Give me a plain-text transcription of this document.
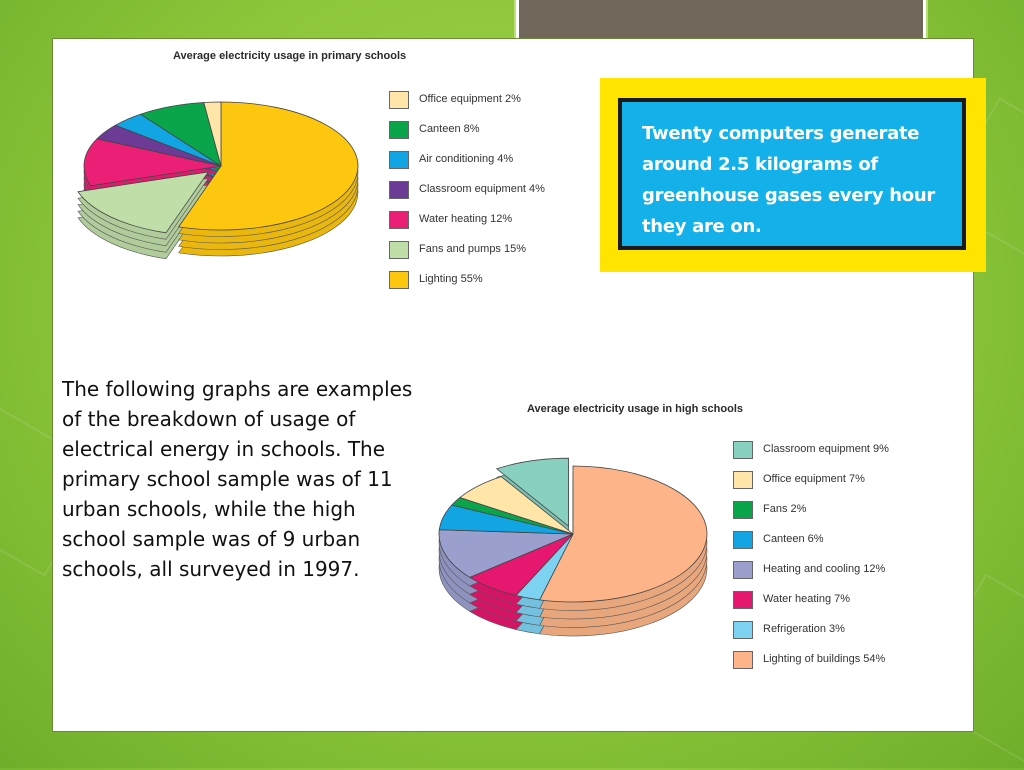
Average electricity usage in primary schools
Office equipment 2%
Canteen 8%
Air conditioning 4%
Classroom equipment 4%
Water heating 12%
Fans and pumps 15%
Lighting 55%
Average electricity usage in high schools
Classroom equipment 9%
Office equipment 7%
Fans 2%
Canteen 6%
Heating and cooling 12%
Water heating 7%
Refrigeration 3%
Lighting of buildings 54%
The following graphs are examples of the breakdown of usage of electrical energy in schools. The primary school sample was of 11 urban schools, while the high school sample was of 9 urban schools, all surveyed in 1997.
Twenty computers generate around 2.5 kilograms of greenhouse gases every hour they are on.
